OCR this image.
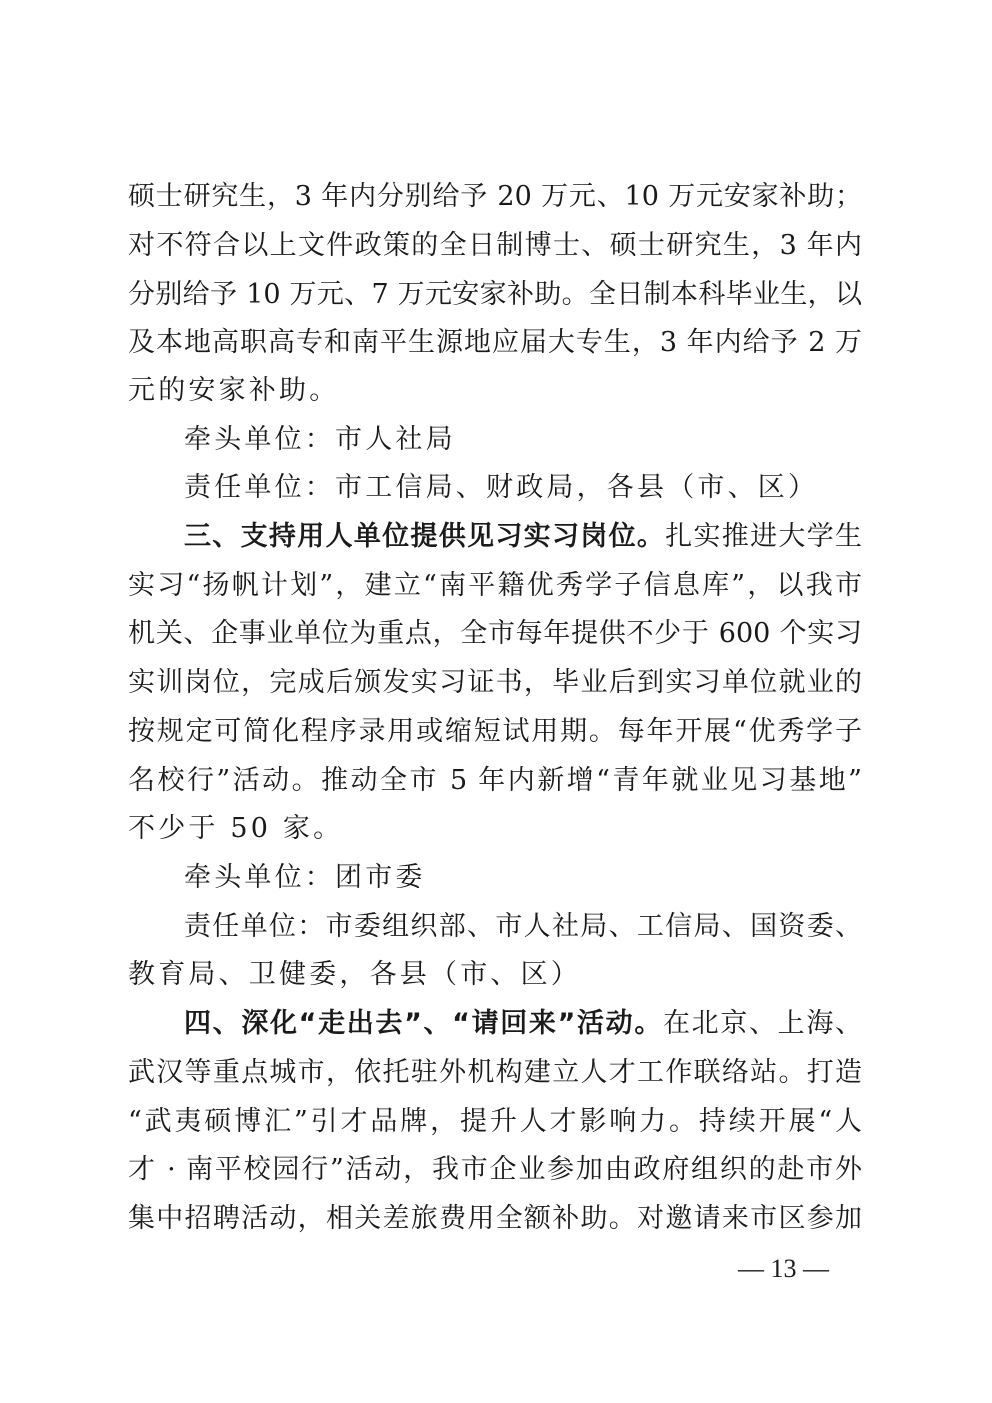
硕士研究生，3 年内分别给予 20 万元、10 万元安家补助；
对不符合以上文件政策的全日制博士、硕士研究生，3 年内
分别给予 10 万元、7 万元安家补助。全日制本科毕业生，以
及本地高职高专和南平生源地应届大专生，3 年内给予 2 万
元的安家补助。
牵头单位：市人社局
责任单位：市工信局、财政局，各县（市、区）
三、支持用人单位提供见习实习岗位。扎实推进大学生
实习“扬帆计划”，建立“南平籍优秀学子信息库”，以我市
机关、企事业单位为重点，全市每年提供不少于 600 个实习
实训岗位，完成后颁发实习证书，毕业后到实习单位就业的
按规定可简化程序录用或缩短试用期。每年开展“优秀学子
名校行”活动。推动全市 5 年内新增“青年就业见习基地”
不少于 50 家。
牵头单位：团市委
责任单位：市委组织部、市人社局、工信局、国资委、
教育局、卫健委，各县（市、区）
四、深化“走出去”、“请回来”活动。在北京、上海、
武汉等重点城市，依托驻外机构建立人才工作联络站。打造
“武夷硕博汇”引才品牌，提升人才影响力。持续开展“人
才 · 南平校园行”活动，我市企业参加由政府组织的赴市外
集中招聘活动，相关差旅费用全额补助。对邀请来市区参加
— 13 —
